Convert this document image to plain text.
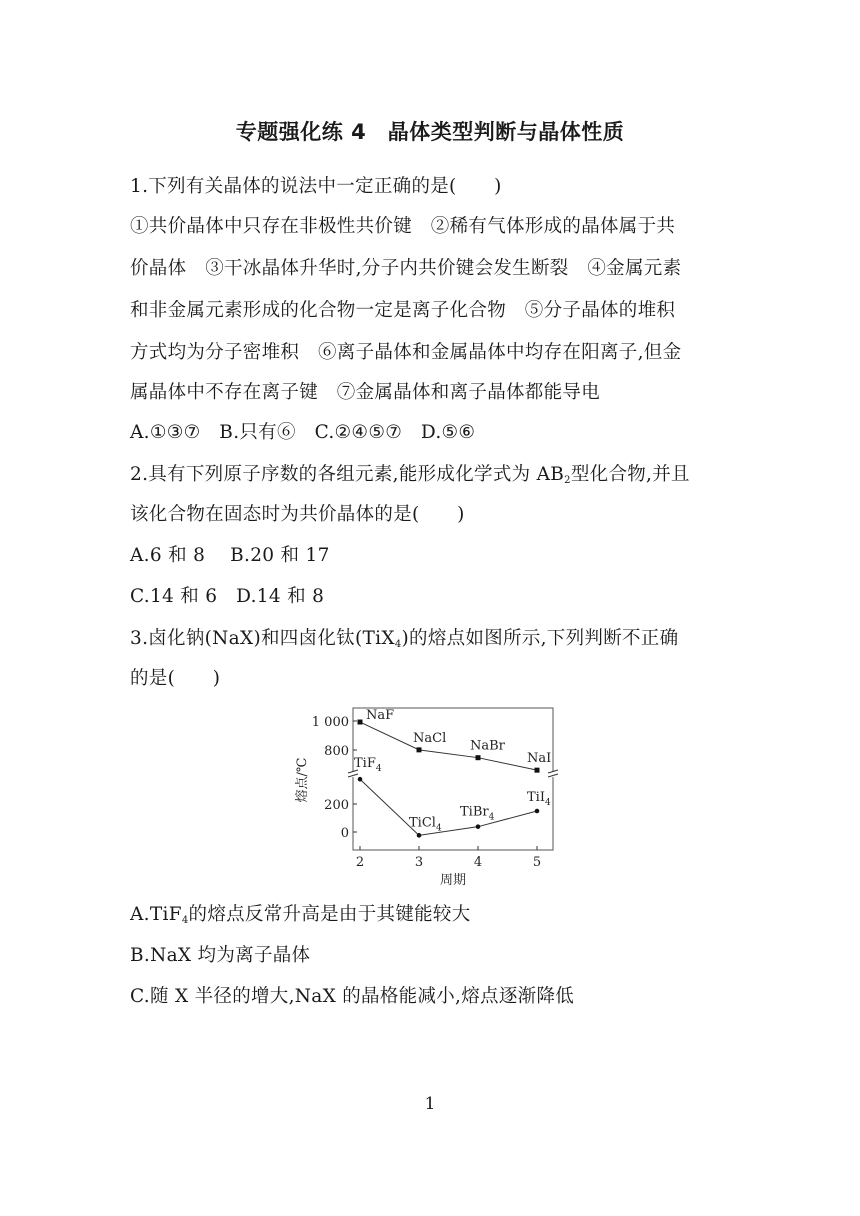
专题强化练 4　晶体类型判断与晶体性质
1.下列有关晶体的说法中一定正确的是(　　)
①共价晶体中只存在非极性共价键　②稀有气体形成的晶体属于共
价晶体　③干冰晶体升华时,分子内共价键会发生断裂　④金属元素
和非金属元素形成的化合物一定是离子化合物　⑤分子晶体的堆积
方式均为分子密堆积　⑥离子晶体和金属晶体中均存在阳离子,但金
属晶体中不存在离子键　⑦金属晶体和离子晶体都能导电
A.①③⑦　B.只有⑥　C.②④⑤⑦　D.⑤⑥
2.具有下列原子序数的各组元素,能形成化学式为 $AB_2$型化合物,并且
该化合物在固态时为共价晶体的是(　　)
A.6 和 8　 B.20 和 17
C.14 和 6　D.14 和 8
3.卤化钠(NaX)和四卤化钛(TiX$_4$)的熔点如图所示,下列判断不正确
的是(　　)
1 000
800
200
0
2	3	4	5
周期
熔点/℃
NaF
NaCl
NaBr
NaI
TiF$_4$
TiCl$_4$
TiBr$_4$
TiI$_4$
A.TiF$_4$的熔点反常升高是由于其键能较大
B.NaX 均为离子晶体
C.随 X 半径的增大,NaX 的晶格能减小,熔点逐渐降低
1
